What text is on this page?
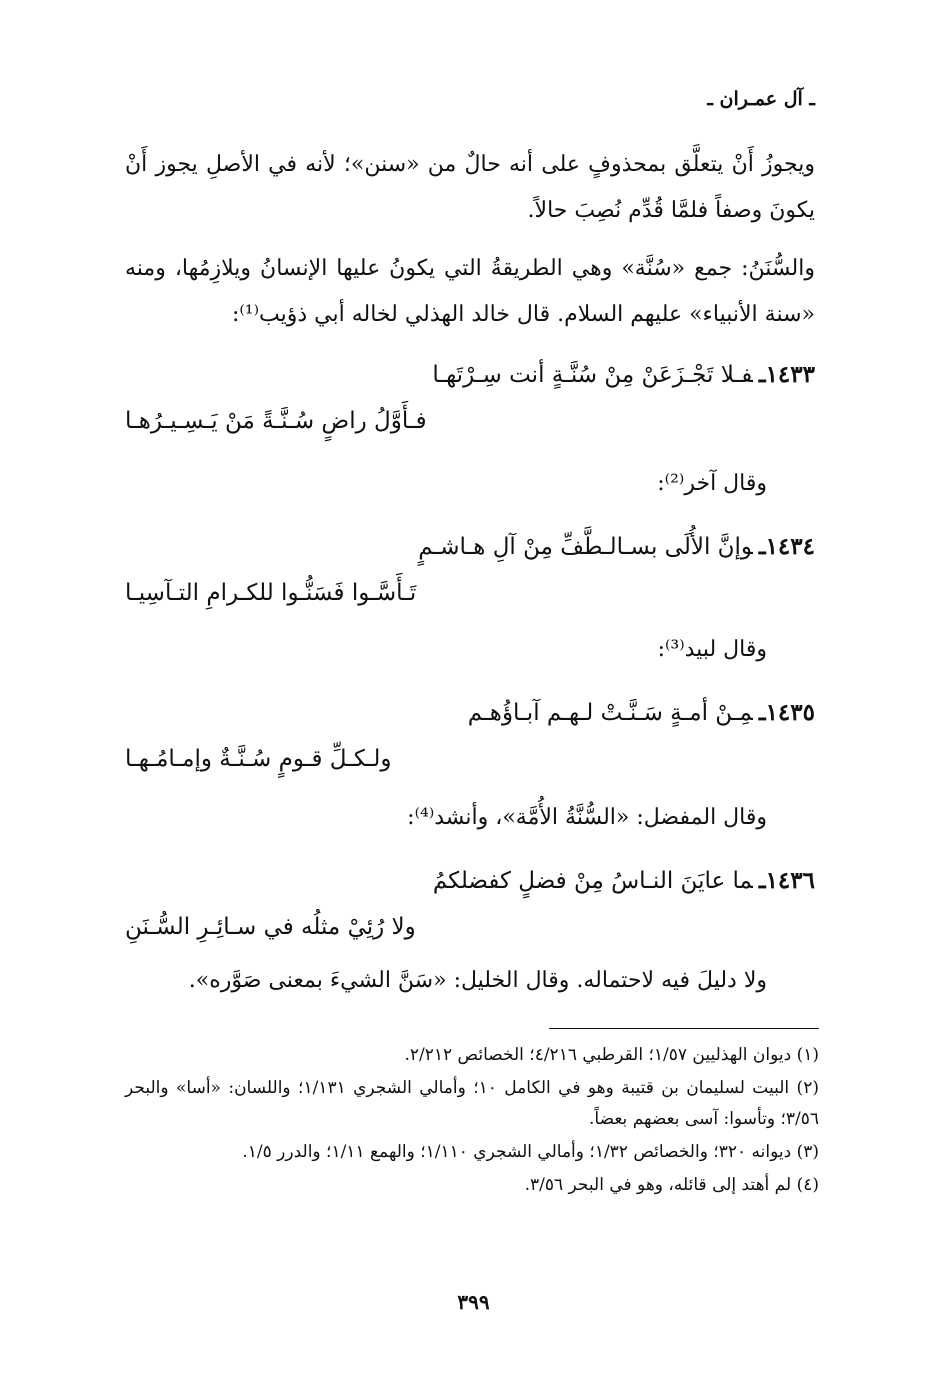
ـ آل عمـران ـ
ويجوزُ أَنْ يتعلَّق بمحذوفٍ على أنه حالٌ من «سنن»؛ لأنه في الأصلِ يجوز أَنْ يكونَ وصفاً فلمَّا قُدِّم نُصِبَ حالاً.
والسُّنَنُ: جمع «سُنَّة» وهي الطريقةُ التي يكونُ عليها الإنسانُ ويلازِمُها، ومنه «سنة الأنبياء» عليهم السلام. قال خالد الهذلي لخاله أبي ذؤيب⁽¹⁾:
١٤٣٣ـفـلا تَجْـزَعَنْ مِنْ سُنَّـةٍ أنت سِـرْتَهـا
فـأَوَّلُ راضٍ سُـنَّـةً مَنْ يَـسِـيـرُهـا
وقال آخر⁽²⁾:
١٤٣٤ـوإنَّ الأُلَى بسـالـطَّفِّ مِنْ آلِ هـاشـمٍ
تَـأَسَّـوا فَسَنُّـوا للكـرامِ التـآسِيـا
وقال لبيد⁽³⁾:
١٤٣٥ـمِـنْ أمـةٍ سَـنَّـتْ لـهـم آبـاؤُهـم
ولـكـلِّ قـومٍ سُـنَّـةٌ وإمـامُـهـا
وقال المفضل: «السُّنَّةُ الأُمَّة»، وأنشد⁽⁴⁾:
١٤٣٦ـما عايَنَ النـاسُ مِنْ فضلٍ كفضلكمُ
ولا رُئِيْ مثلُه في سـائِـرِ السُّـنَنِ
ولا دليلَ فيه لاحتماله. وقال الخليل: «سَنَّ الشيءَ بمعنى صَوَّره».
(١) ديوان الهذليين ١/٥٧؛ القرطبي ٤/٢١٦؛ الخصائص ٢/٢١٢.
(٢) البيت لسليمان بن قتيبة وهو في الكامل ١٠؛ وأمالي الشجري ١/١٣١؛ واللسان: «أسا» والبحر ٣/٥٦؛ وتأسوا: آسى بعضهم بعضاً.
(٣) ديوانه ٣٢٠؛ والخصائص ١/٣٢؛ وأمالي الشجري ١/١١٠؛ والهمع ١/١١؛ والدرر ١/٥.
(٤) لم أهتد إلى قائله، وهو في البحر ٣/٥٦.
٣٩٩
